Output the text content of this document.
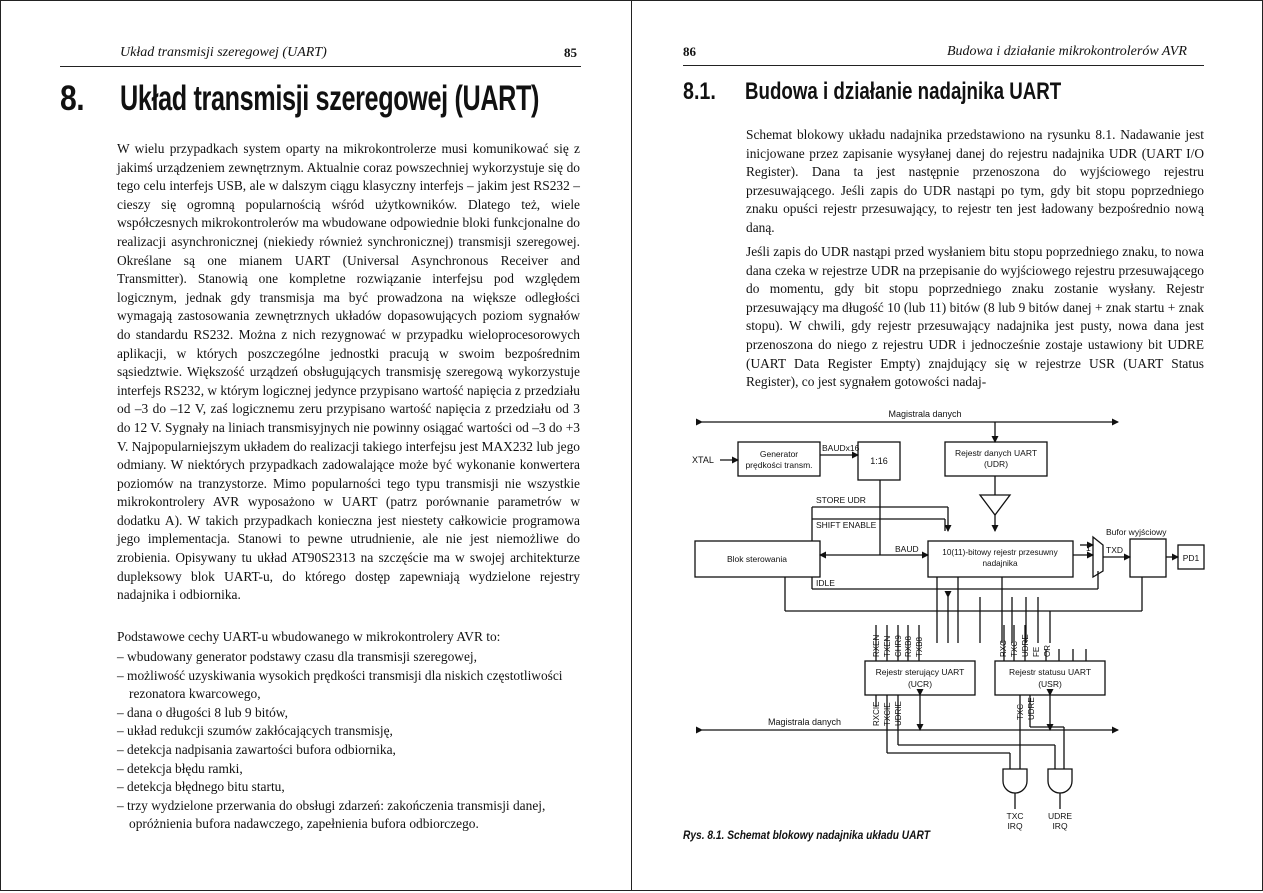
Układ transmisji szeregowej (UART)	85
8. Układ transmisji szeregowej (UART)

W wielu przypadkach system oparty na mikrokontrolerze musi komunikować się z jakimś urządzeniem zewnętrznym. Aktualnie coraz powszechniej wykorzystuje się do tego celu interfejs USB, ale w dalszym ciągu klasyczny interfejs – jakim jest RS232 – cieszy się ogromną popularnością wśród użytkowników. Dlatego też, wiele współczesnych mikrokontrolerów ma wbudowane odpowiednie bloki funkcjonalne do realizacji asynchronicznej (niekiedy również synchronicznej) transmisji szeregowej. Określane są one mianem UART (Universal Asynchronous Receiver and Transmitter). Stanowią one kompletne rozwiązanie interfejsu pod względem logicznym, jednak gdy transmisja ma być prowadzona na większe odległości wymagają zastosowania zewnętrznych układów dopasowujących poziom sygnałów do standardu RS232. Można z nich rezygnować w przypadku wieloprocesorowych aplikacji, w których poszczególne jednostki pracują w swoim bezpośrednim sąsiedztwie. Większość urządzeń obsługujących transmisję szeregową wykorzystuje interfejs RS232, w którym logicznej jedynce przypisano wartość napięcia z przedziału od –3 do –12 V, zaś logicznemu zeru przypisano wartość napięcia z przedziału od 3 do 12 V. Sygnały na liniach transmisyjnych nie powinny osiągać wartości od –3 do +3 V. Najpopularniejszym układem do realizacji takiego interfejsu jest MAX232 lub jego odmiany. W niektórych przypadkach zadowalające może być wykonanie konwertera poziomów na tranzystorze. Mimo popularności tego typu transmisji nie wszystkie mikrokontrolery AVR wyposażono w UART (patrz porównanie parametrów w dodatku A). W takich przypadkach konieczna jest niestety całkowicie programowa jego implementacja. Stanowi to pewne utrudnienie, ale nie jest niemożliwe do zrobienia. Opisywany tu układ AT90S2313 na szczęście ma w swojej architekturze dupleksowy blok UART-u, do którego dostęp zapewniają wydzielone rejestry nadajnika i odbiornika.

Podstawowe cechy UART-u wbudowanego w mikrokontrolery AVR to:

– wbudowany generator podstawy czasu dla transmisji szeregowej,
– możliwość uzyskiwania wysokich prędkości transmisji dla niskich częstotliwości rezonatora kwarcowego,
– dana o długości 8 lub 9 bitów,
– układ redukcji szumów zakłócających transmisję,
– detekcja nadpisania zawartości bufora odbiornika,
– detekcja błędu ramki,
– detekcja błędnego bitu startu,
– trzy wydzielone przerwania do obsługi zdarzeń: zakończenia transmisji danej, opróżnienia bufora nadawczego, zapełnienia bufora odbiorczego.
86	Budowa i działanie mikrokontrolerów AVR
8.1. Budowa i działanie nadajnika UART

Schemat blokowy układu nadajnika przedstawiono na rysunku 8.1. Nadawanie jest inicjowane przez zapisanie wysyłanej danej do rejestru nadajnika UDR (UART I/O Register). Dana ta jest następnie przenoszona do wyjściowego rejestru przesuwającego. Jeśli zapis do UDR nastąpi po tym, gdy bit stopu poprzedniego znaku opuści rejestr przesuwający, to rejestr ten jest ładowany bezpośrednio nową daną.

Jeśli zapis do UDR nastąpi przed wysłaniem bitu stopu poprzedniego znaku, to nowa dana czeka w rejestrze UDR na przepisanie do wyjściowego rejestru przesuwającego do momentu, gdy bit stopu poprzedniego znaku zostanie wysłany. Rejestr przesuwający ma długość 10 (lub 11) bitów (8 lub 9 bitów danej + znak startu + znak stopu). W chwili, gdy rejestr przesuwający nadajnika jest pusty, nowa dana jest przenoszona do niego z rejestru UDR i jednocześnie zostaje ustawiony bit UDRE (UART Data Register Empty) znajdujący się w rejestrze USR (UART Status Register), co jest sygnałem gotowości nadaj-

Magistrala danych
XTAL
Generator
prędkości transm.
BAUDx16
1:16
Rejestr danych UART
(UDR)
STORE UDR
SHIFT ENABLE
Blok sterowania
BAUD	10(11)-bitowy rejestr przesuwny
nadajnika
Bufor wyjściowy
TXD
1
PD1
IDLE
RXEN TXEN CHR9 RXB8 TXB8	RXC TXC UDRE FE OR
Rejestr sterujący UART
(UCR)
Rejestr statusu UART
(USR)
Magistrala danych	RXCIE TXCIE UDRIE	TXC UDRE
TXC
IRQ
UDRE
IRQ
Rys. 8.1. Schemat blokowy nadajnika układu UART
